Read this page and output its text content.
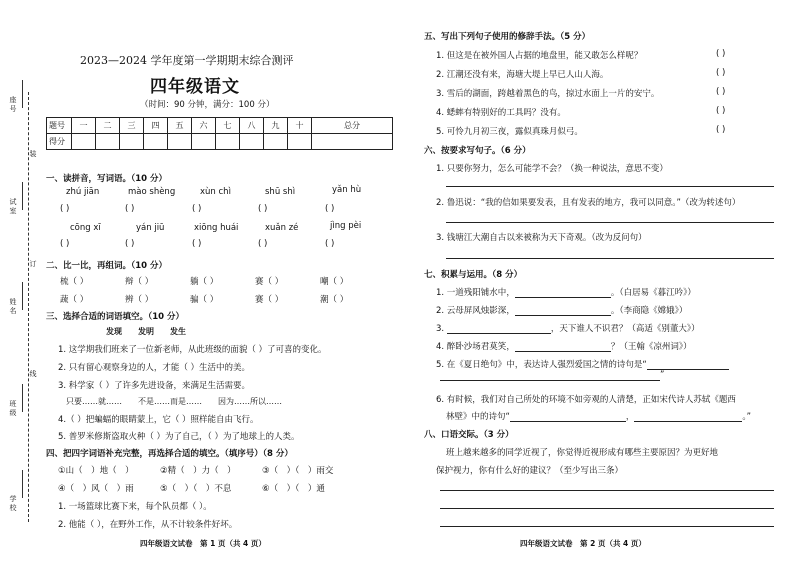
座号
试室
姓名
班级
学校
装
订
线
2023—2024 学年度第一学期期末综合测评
四年级语文
（时间：90 分钟，满分：100 分）
题号	一	二	三	四	五	六	七	八	九	十	总分
得分											
一、读拼音，写词语。（10 分）
zhú jiān	mào shèng	xùn chì	shū shì	yǎn hù
( )	( )	( )	( )	( )
cōng xī	yán jiū	xiōng huái	xuǎn zé	jìng pèi
( )	( )	( )	( )	( )
二、比一比，再组词。（10 分）
梳（ ）	辩（ ）	躺（ ）	赛（ ）	嘲（ ）
蔬（ ）	辨（ ）	骗（ ）	赛（ ）	潮（ ）
三、选择合适的词语填空。（10 分）
发现　　发明　　发生
1. 这学期我们班来了一位新老师，从此班级的面貌（ ）了可喜的变化。
2. 只有留心观察身边的人，才能（ ）生活中的美。
3. 科学家（ ）了许多先进设备，来满足生活需要。
只要……就……　　不是……而是……　　因为……所以……
4.（ ）把蝙蝠的眼睛蒙上，它（ ）照样能自由飞行。
5. 普罗米修斯盗取火种（ ）为了自己，（ ）为了地球上的人类。
四、把四字词语补充完整，再选择合适的填空。（填序号）（8 分）
①山（　）地（　）	②精（　）力（　）	③（　）（　）雨交
④（　）风（　）雨	⑤（　）（　）不息	⑥（　）（　）通
1. 一场篮球比赛下来，每个队员都（ ）。
2. 他能（ ），在野外工作，从不计较条件好坏。
四年级语文试卷　第 1 页（共 4 页）
五、写出下列句子使用的修辞手法。（5 分）
1. 但这是在被外国人占据的地盘里，能又敢怎么样呢？	( )
2. 江潮还没有来，海塘大堤上早已人山人海。	( )
3. 雪后的湖面，跨越着黑色的鸟，掠过水面上一片的安宁。	( )
4. 蟋蟀有特别好的工具吗？没有。	( )
5. 可怜九月初三夜，露似真珠月似弓。	( )
六、按要求写句子。（6 分）
1. 只要你努力，怎么可能学不会？（换一种说法，意思不变）
2. 鲁迅说：“我的信如果要发表，且有发表的地方，我可以同意。”（改为转述句）
3. 钱塘江大潮自古以来被称为天下奇观。（改为反问句）
七、积累与运用。（8 分）
1. 一道残阳铺水中，	。（白居易《暮江吟》）
2. 云母屏风烛影深，	。（李商隐《嫦娥》）
3.	，天下谁人不识君？（高适《别董大》）
4. 醉卧沙场君莫笑，	？（王翰《凉州词》）
5. 在《夏日绝句》中，表达诗人强烈爱国之情的诗句是“
”
6. 有时候，我们对自己所处的环境不如旁观的人清楚，正如宋代诗人苏轼《题西
林壁》中的诗句“	，	。”
八、口语交际。（3 分）
班上越来越多的同学近视了，你觉得近视形成有哪些主要原因？为更好地
保护视力，你有什么好的建议？（至少写出三条）
四年级语文试卷　第 2 页（共 4 页）
